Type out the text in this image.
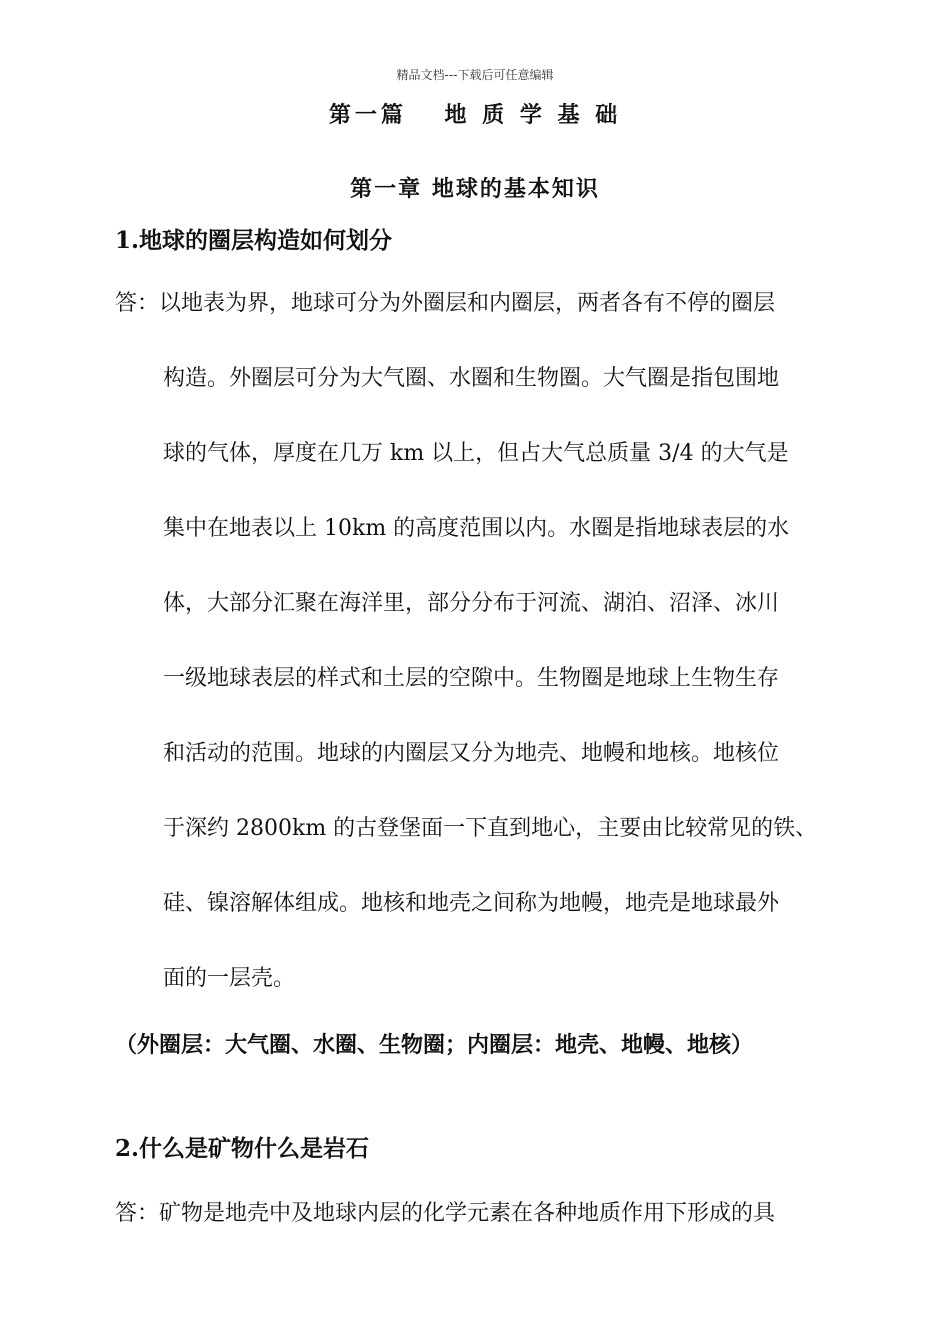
精品文档---下载后可任意编辑
第一篇　 地 质 学 基 础
第一章 地球的基本知识
1.地球的圈层构造如何划分
答：以地表为界，地球可分为外圈层和内圈层，两者各有不停的圈层
构造。外圈层可分为大气圈、水圈和生物圈。大气圈是指包围地
球的气体，厚度在几万 km 以上，但占大气总质量 3/4 的大气是
集中在地表以上 10km 的高度范围以内。水圈是指地球表层的水
体，大部分汇聚在海洋里，部分分布于河流、湖泊、沼泽、冰川
一级地球表层的样式和土层的空隙中。生物圈是地球上生物生存
和活动的范围。地球的内圈层又分为地壳、地幔和地核。地核位
于深约 2800km 的古登堡面一下直到地心，主要由比较常见的铁、
硅、镍溶解体组成。地核和地壳之间称为地幔，地壳是地球最外
面的一层壳。
（外圈层：大气圈、水圈、生物圈；内圈层：地壳、地幔、地核）
2.什么是矿物什么是岩石
答：矿物是地壳中及地球内层的化学元素在各种地质作用下形成的具
